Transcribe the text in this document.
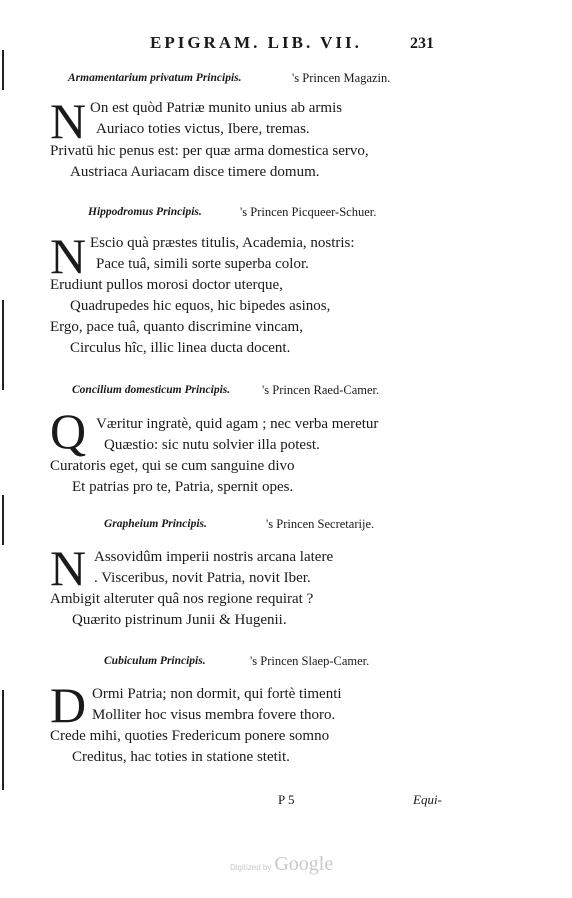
EPIGRAM. LIB. VII.	231
Armamentarium privatum Principis.	's Princen Magazin.
N On est quòd Patriæ munito unius ab armis
Auriaco toties victus, Ibere, tremas.
Privatū hic penus est: per quæ arma domestica servo,
Austriaca Auriacam disce timere domum.
Hippodromus Principis.	's Princen Picqueer-Schuer.
N Escio quà præstes titulis, Academia, nostris:
Pace tuâ, simili sorte superba color.
Erudiunt pullos morosi doctor uterque,
Quadrupedes hic equos, hic bipedes asinos,
Ergo, pace tuâ, quanto discrimine vincam,
Circulus hîc, illic linea ducta docent.
Concilium domesticum Principis.	's Princen Raed-Camer.
Q Væritur ingratè, quid agam ; nec verba meretur
Quæstio: sic nutu solvier illa potest.
Curatoris eget, qui se cum sanguine divo
Et patrias pro te, Patria, spernit opes.
Grapheium Principis.	's Princen Secretarije.
N Assovidûm imperii nostris arcana latere
. Visceribus, novit Patria, novit Iber.
Ambigit alteruter quâ nos regione requirat ?
Quærito pistrinum Junii & Hugenii.
Cubiculum Principis.	's Princen Slaep-Camer.
D Ormi Patria; non dormit, qui fortè timenti
Molliter hoc visus membra fovere thoro.
Crede mihi, quoties Fredericum ponere somno
Creditus, hac toties in statione stetit.
P 5	Equi-
Digitized by Google
